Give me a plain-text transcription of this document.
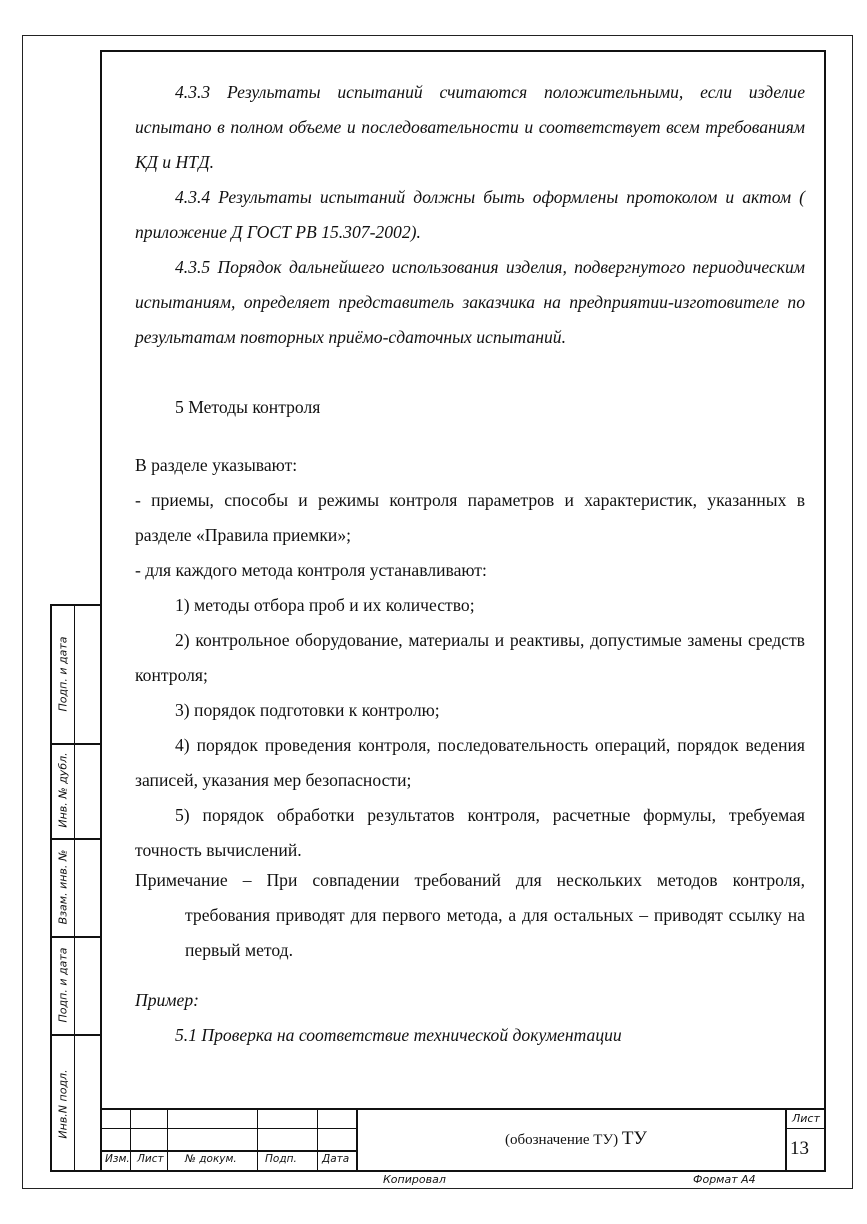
4.3.3 Результаты испытаний считаются положительными, если изделие испытано в полном объеме и последовательности и соответствует всем требованиям КД и НТД.

4.3.4 Результаты испытаний должны быть оформлены протоколом и актом ( приложение Д ГОСТ РВ 15.307-2002).

4.3.5 Порядок дальнейшего использования изделия, подвергнутого периодическим испытаниям, определяет представитель заказчика на предприятии-изготовителе по результатам повторных приёмо-сдаточных испытаний.

5 Методы контроля

В разделе указывают:

- приемы, способы и режимы контроля параметров и характеристик, указанных в разделе «Правила приемки»;

- для каждого метода контроля устанавливают:

1) методы отбора проб и их количество;

2) контрольное оборудование, материалы и реактивы, допустимые замены средств контроля;

3) порядок подготовки к контролю;

4) порядок проведения контроля, последовательность операций, порядок ведения записей, указания мер безопасности;

5) порядок обработки результатов контроля, расчетные формулы, требуемая точность вычислений.

Примечание – При совпадении требований для нескольких методов контроля, требования приводят для первого метода, а для остальных – приводят ссылку на первый метод.

Пример:

5.1 Проверка на соответствие технической документации

Подп. и дата
Инв. № дубл.
Взам. инв. №
Подп. и дата
Инв.N подл.
Изм. Лист № докум.	Подп. Дата
(обозначение ТУ) ТУ
Лист
13
Копировал	Формат А4
